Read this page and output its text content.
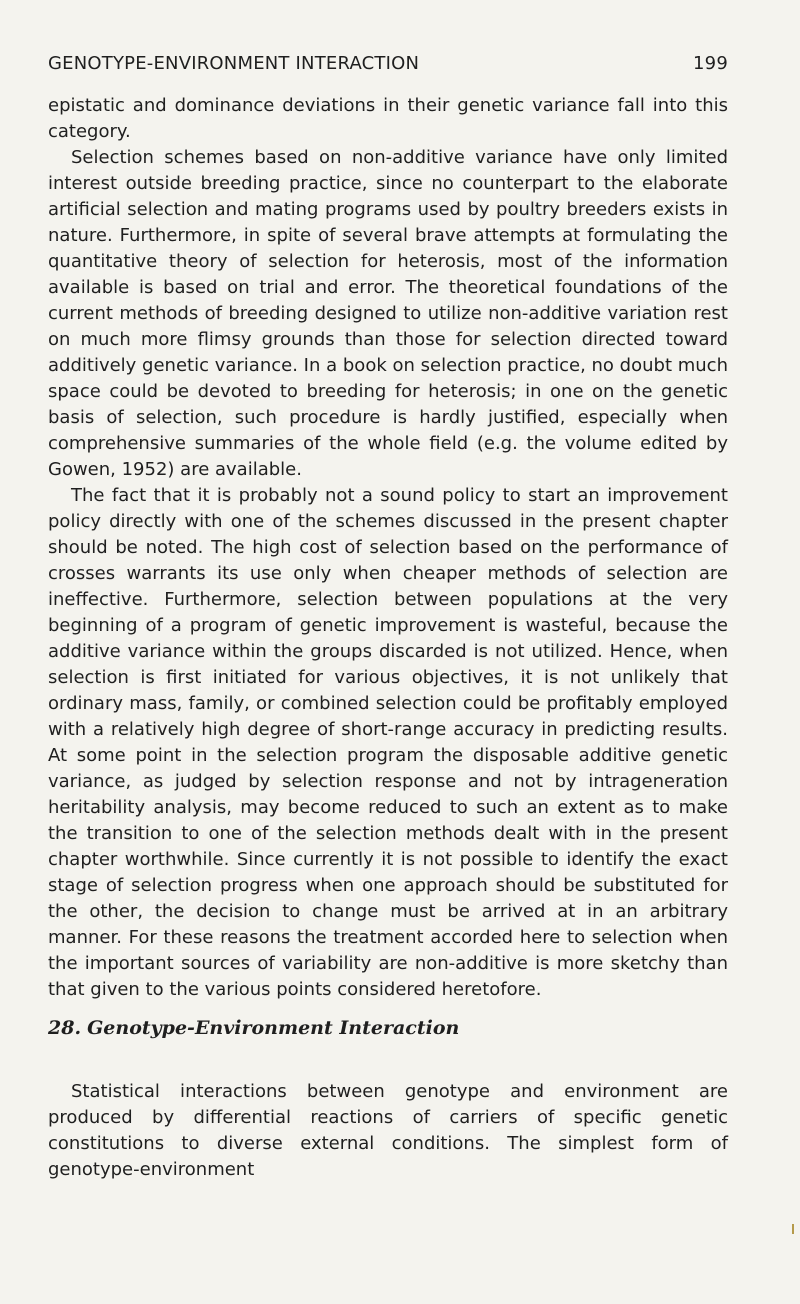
GENOTYPE-ENVIRONMENT INTERACTION	199

epistatic and dominance deviations in their genetic variance fall into this category.

Selection schemes based on non-additive variance have only limited interest outside breeding practice, since no counterpart to the elaborate artificial selection and mating programs used by poultry breeders exists in nature. Furthermore, in spite of several brave attempts at formulating the quantitative theory of selection for heterosis, most of the information available is based on trial and error. The theoretical foundations of the current methods of breeding designed to utilize non-additive variation rest on much more flimsy grounds than those for selection directed toward additively genetic variance. In a book on selection practice, no doubt much space could be devoted to breeding for heterosis; in one on the genetic basis of selection, such procedure is hardly justified, especially when comprehensive summaries of the whole field (e.g. the volume edited by Gowen, 1952) are available.

The fact that it is probably not a sound policy to start an improvement policy directly with one of the schemes discussed in the present chapter should be noted. The high cost of selection based on the performance of crosses warrants its use only when cheaper methods of selection are ineffective. Furthermore, selection between populations at the very beginning of a program of genetic improvement is wasteful, because the additive variance within the groups discarded is not utilized. Hence, when selection is first initiated for various objectives, it is not unlikely that ordinary mass, family, or combined selection could be profitably employed with a relatively high degree of short-range accuracy in predicting results. At some point in the selection program the disposable additive genetic variance, as judged by selection response and not by intrageneration heritability analysis, may become reduced to such an extent as to make the transition to one of the selection methods dealt with in the present chapter worthwhile. Since currently it is not possible to identify the exact stage of selection progress when one approach should be substituted for the other, the decision to change must be arrived at in an arbitrary manner. For these reasons the treatment accorded here to selection when the important sources of variability are non-additive is more sketchy than that given to the various points considered heretofore.

28. Genotype-Environment Interaction

Statistical interactions between genotype and environment are produced by differential reactions of carriers of specific genetic constitutions to diverse external conditions. The simplest form of genotype-environment
